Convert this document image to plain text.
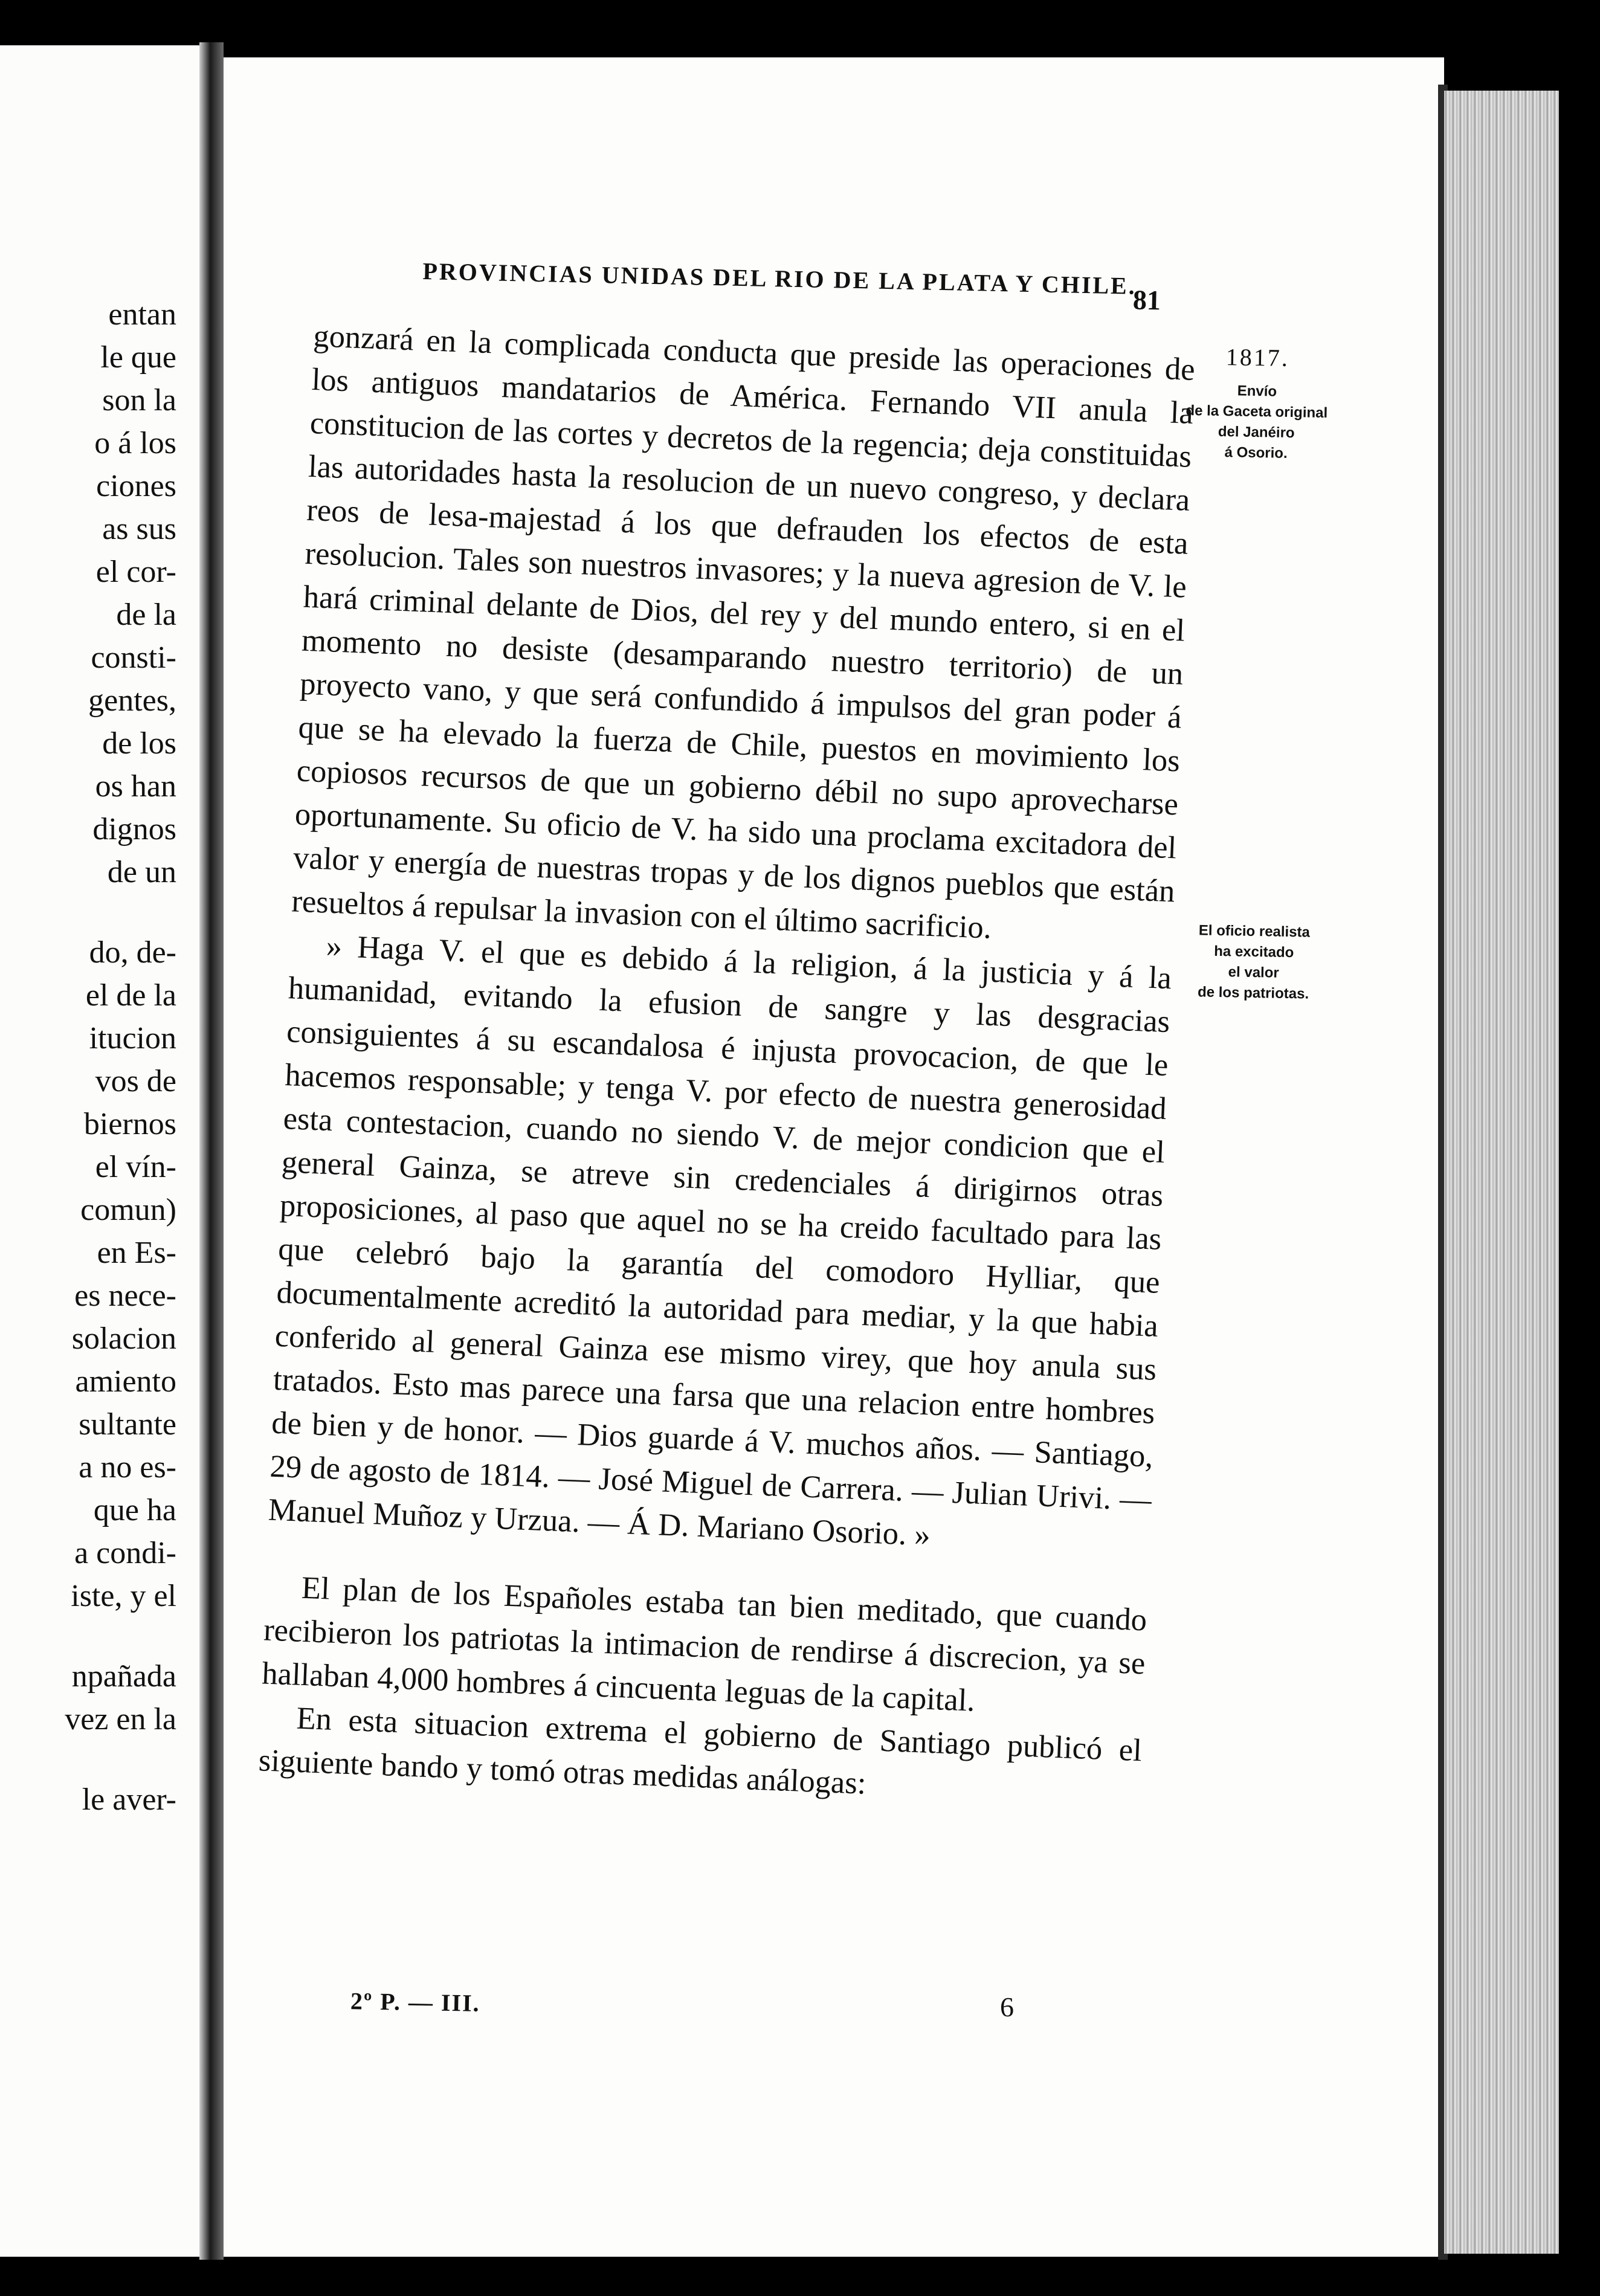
entan
le que
son la
o á los
ciones
as sus
el cor-
de la
consti-
gentes,
de los
os han
dignos
de un
do, de-
el de la
itucion
vos de
biernos
el vín-
comun)
en Es-
es nece-
solacion
amiento
sultante
a no es-
que ha
a condi-
iste, y el
npañada
vez en la
le aver-
PROVINCIAS UNIDAS DEL RIO DE LA PLATA Y CHILE.
81
1817.
Envío
de la Gaceta original
del Janéiro
á Osorio.
El oficio realista
ha excitado
el valor
de los patriotas.

gonzará en la complicada conducta que preside las operaciones de los antiguos mandatarios de América. Fernando VII anula la constitucion de las cortes y decretos de la regencia; deja constituidas las autoridades hasta la resolucion de un nuevo congreso, y declara reos de lesa-majestad á los que defrauden los efectos de esta resolucion. Tales son nuestros invasores; y la nueva agresion de V. le hará criminal delante de Dios, del rey y del mundo entero, si en el momento no desiste (desamparando nuestro territorio) de un proyecto vano, y que será confundido á impulsos del gran poder á que se ha elevado la fuerza de Chile, puestos en movimiento los copiosos recursos de que un gobierno débil no supo aprovecharse oportunamente. Su oficio de V. ha sido una proclama excitadora del valor y energía de nuestras tropas y de los dignos pueblos que están resueltos á repulsar la invasion con el último sacrificio.

» Haga V. el que es debido á la religion, á la justicia y á la humanidad, evitando la efusion de sangre y las desgracias consiguientes á su escandalosa é injusta provocacion, de que le hacemos responsable; y tenga V. por efecto de nuestra generosidad esta contestacion, cuando no siendo V. de mejor condicion que el general Gainza, se atreve sin credenciales á dirigirnos otras proposiciones, al paso que aquel no se ha creido facultado para las que celebró bajo la garantía del comodoro Hylliar, que documentalmente acreditó la autoridad para mediar, y la que habia conferido al general Gainza ese mismo virey, que hoy anula sus tratados. Esto mas parece una farsa que una relacion entre hombres de bien y de honor. — Dios guarde á V. muchos años. — Santiago, 29 de agosto de 1814. — José Miguel de Carrera. — Julian Urivi. — Manuel Muñoz y Urzua. — Á D. Mariano Osorio. »

El plan de los Españoles estaba tan bien meditado, que cuando recibieron los patriotas la intimacion de rendirse á discrecion, ya se hallaban 4,000 hombres á cincuenta leguas de la capital.

En esta situacion extrema el gobierno de Santiago publicó el siguiente bando y tomó otras medidas análogas:

2º P. — III.	6
